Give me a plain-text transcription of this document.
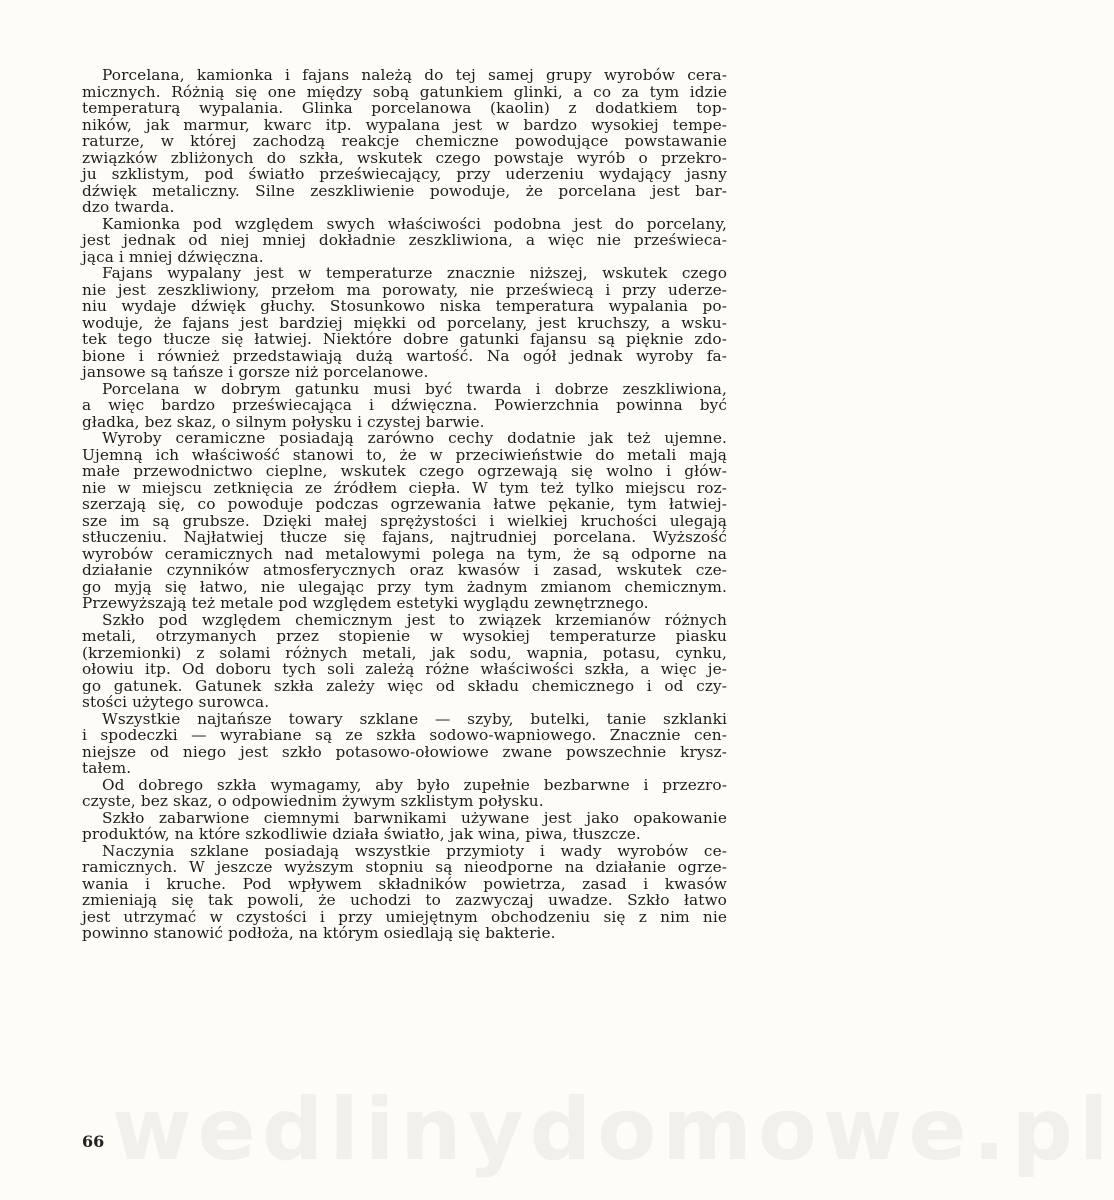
Porcelana, kamionka i fajans należą do tej samej grupy wyrobów cera-
micznych. Różnią się one między sobą gatunkiem glinki, a co za tym idzie
temperaturą wypalania. Glinka porcelanowa (kaolin) z dodatkiem top-
ników, jak marmur, kwarc itp. wypalana jest w bardzo wysokiej tempe-
raturze, w której zachodzą reakcje chemiczne powodujące powstawanie
związków zbliżonych do szkła, wskutek czego powstaje wyrób o przekro-
ju szklistym, pod światło przeświecający, przy uderzeniu wydający jasny
dźwięk metaliczny. Silne zeszkliwienie powoduje, że porcelana jest bar-
dzo twarda.
Kamionka pod względem swych właściwości podobna jest do porcelany,
jest jednak od niej mniej dokładnie zeszkliwiona, a więc nie prześwieca-
jąca i mniej dźwięczna.
Fajans wypalany jest w temperaturze znacznie niższej, wskutek czego
nie jest zeszkliwiony, przełom ma porowaty, nie przeświecą i przy uderze-
niu wydaje dźwięk głuchy. Stosunkowo niska temperatura wypalania po-
woduje, że fajans jest bardziej miękki od porcelany, jest kruchszy, a wsku-
tek tego tłucze się łatwiej. Niektóre dobre gatunki fajansu są pięknie zdo-
bione i również przedstawiają dużą wartość. Na ogół jednak wyroby fa-
jansowe są tańsze i gorsze niż porcelanowe.
Porcelana w dobrym gatunku musi być twarda i dobrze zeszkliwiona,
a więc bardzo przeświecająca i dźwięczna. Powierzchnia powinna być
gładka, bez skaz, o silnym połysku i czystej barwie.
Wyroby ceramiczne posiadają zarówno cechy dodatnie jak też ujemne.
Ujemną ich właściwość stanowi to, że w przeciwieństwie do metali mają
małe przewodnictwo cieplne, wskutek czego ogrzewają się wolno i głów-
nie w miejscu zetknięcia ze źródłem ciepła. W tym też tylko miejscu roz-
szerzają się, co powoduje podczas ogrzewania łatwe pękanie, tym łatwiej-
sze im są grubsze. Dzięki małej sprężystości i wielkiej kruchości ulegają
stłuczeniu. Najłatwiej tłucze się fajans, najtrudniej porcelana. Wyższość
wyrobów ceramicznych nad metalowymi polega na tym, że są odporne na
działanie czynników atmosferycznych oraz kwasów i zasad, wskutek cze-
go myją się łatwo, nie ulegając przy tym żadnym zmianom chemicznym.
Przewyższają też metale pod względem estetyki wyglądu zewnętrznego.
Szkło pod względem chemicznym jest to związek krzemianów różnych
metali, otrzymanych przez stopienie w wysokiej temperaturze piasku
(krzemionki) z solami różnych metali, jak sodu, wapnia, potasu, cynku,
ołowiu itp. Od doboru tych soli zależą różne właściwości szkła, a więc je-
go gatunek. Gatunek szkła zależy więc od składu chemicznego i od czy-
stości użytego surowca.
Wszystkie najtańsze towary szklane — szyby, butelki, tanie szklanki
i spodeczki — wyrabiane są ze szkła sodowo-wapniowego. Znacznie cen-
niejsze od niego jest szkło potasowo-ołowiowe zwane powszechnie krysz-
tałem.
Od dobrego szkła wymagamy, aby było zupełnie bezbarwne i przezro-
czyste, bez skaz, o odpowiednim żywym szklistym połysku.
Szkło zabarwione ciemnymi barwnikami używane jest jako opakowanie
produktów, na które szkodliwie działa światło, jak wina, piwa, tłuszcze.
Naczynia szklane posiadają wszystkie przymioty i wady wyrobów ce-
ramicznych. W jeszcze wyższym stopniu są nieodporne na działanie ogrze-
wania i kruche. Pod wpływem składników powietrza, zasad i kwasów
zmieniają się tak powoli, że uchodzi to zazwyczaj uwadze. Szkło łatwo
jest utrzymać w czystości i przy umiejętnym obchodzeniu się z nim nie
powinno stanowić podłoża, na którym osiedlają się bakterie.
wedlinydomowe.pl
66
